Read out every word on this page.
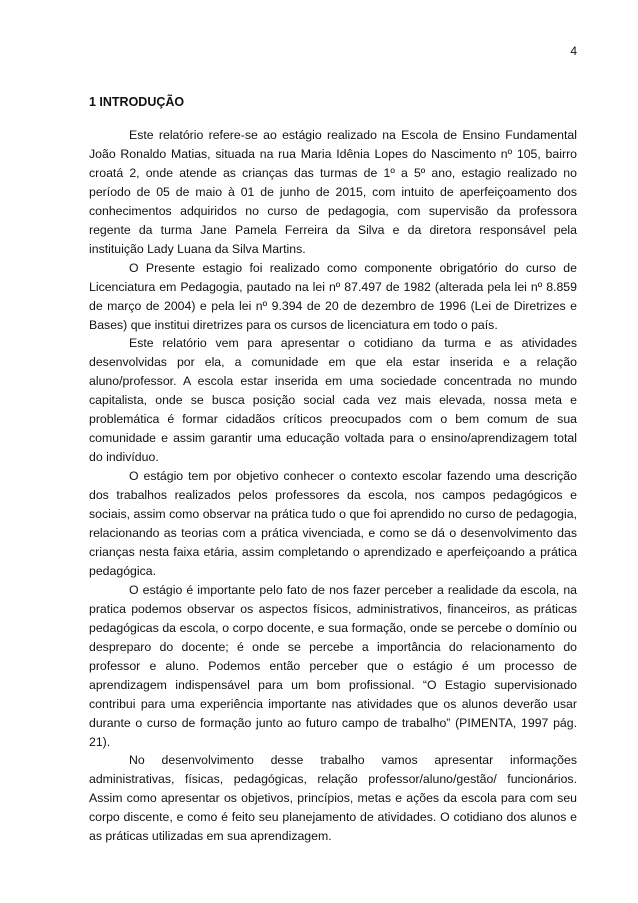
4
1 INTRODUÇÃO

Este relatório refere-se ao estágio realizado na Escola de Ensino Fundamental João Ronaldo Matias, situada na rua Maria Idênia Lopes do Nascimento nº 105, bairro croatá 2, onde atende as crianças das turmas de 1º a 5º ano, estagio realizado no período de 05 de maio à 01 de junho de 2015, com intuito de aperfeiçoamento dos conhecimentos adquiridos no curso de pedagogia, com supervisão da professora regente da turma Jane Pamela Ferreira da Silva e da diretora responsável pela instituição Lady Luana da Silva Martins.

O Presente estagio foi realizado como componente obrigatório do curso de Licenciatura em Pedagogia, pautado na lei nº 87.497 de 1982 (alterada pela lei nº 8.859 de março de 2004) e pela lei nº 9.394 de 20 de dezembro de 1996 (Lei de Diretrizes e Bases) que institui diretrizes para os cursos de licenciatura em todo o país.

Este relatório vem para apresentar o cotidiano da turma e as atividades desenvolvidas por ela, a comunidade em que ela estar inserida e a relação aluno/professor. A escola estar inserida em uma sociedade concentrada no mundo capitalista, onde se busca posição social cada vez mais elevada, nossa meta e problemática é formar cidadãos críticos preocupados com o bem comum de sua comunidade e assim garantir uma educação voltada para o ensino/aprendizagem total do indivíduo.

O estágio tem por objetivo conhecer o contexto escolar fazendo uma descrição dos trabalhos realizados pelos professores da escola, nos campos pedagógicos e sociais, assim como observar na prática tudo o que foi aprendido no curso de pedagogia, relacionando as teorias com a prática vivenciada, e como se dá o desenvolvimento das crianças nesta faixa etária, assim completando o aprendizado e aperfeiçoando a prática pedagógica.

O estágio é importante pelo fato de nos fazer perceber a realidade da escola, na pratica podemos observar os aspectos físicos, administrativos, financeiros, as práticas pedagógicas da escola, o corpo docente, e sua formação, onde se percebe o domínio ou despreparo do docente; é onde se percebe a importância do relacionamento do professor e aluno. Podemos então perceber que o estágio é um processo de aprendizagem indispensável para um bom profissional. “O Estagio supervisionado contribui para uma experiência importante nas atividades que os alunos deverão usar durante o curso de formação junto ao futuro campo de trabalho” (PIMENTA, 1997 pág. 21).

No desenvolvimento desse trabalho vamos apresentar informações administrativas, físicas, pedagógicas, relação professor/aluno/gestão/ funcionários. Assim como apresentar os objetivos, princípios, metas e ações da escola para com seu corpo discente, e como é feito seu planejamento de atividades. O cotidiano dos alunos e as práticas utilizadas em sua aprendizagem.
